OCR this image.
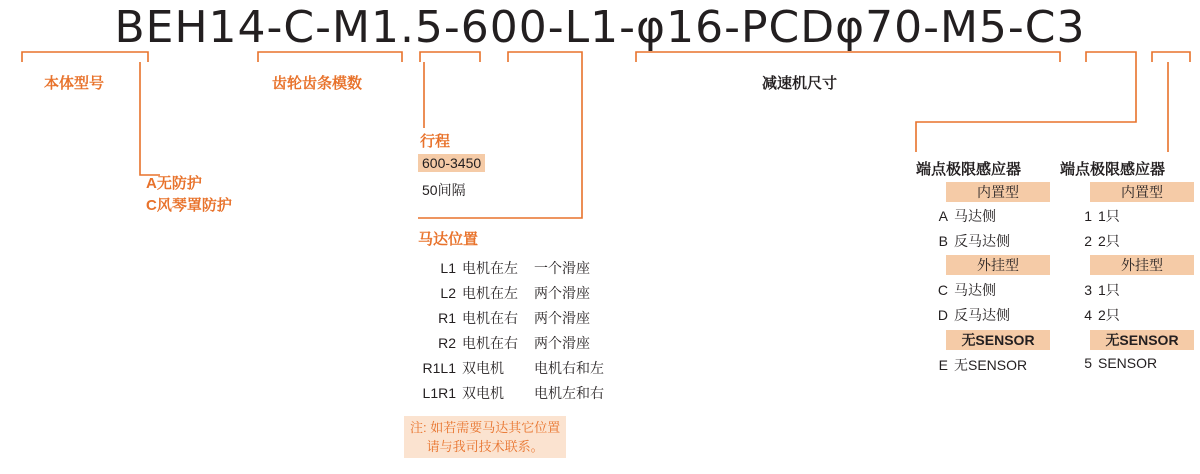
BEH14-C-M1.5-600-L1-φ16-PCDφ70-M5-C3
本体型号	齿轮齿条模数	减速机尺寸
A无防护
C风琴罩防护
行程
600-3450
50间隔
马达位置
L1 电机在左 一个滑座
L2 电机在左 两个滑座
R1 电机在右 两个滑座
R2 电机在右 两个滑座
R1L1 双电机 电机右和左
L1R1 双电机 电机左和右
注: 如若需要马达其它位置
请与我司技术联系。
端点极限感应器
内置型
A 马达侧
B 反马达侧
外挂型
C 马达侧
D 反马达侧
无SENSOR
E 无SENSOR
端点极限感应器
内置型
1 1只
2 2只
外挂型
3 1只
4 2只
无SENSOR
5 SENSOR
